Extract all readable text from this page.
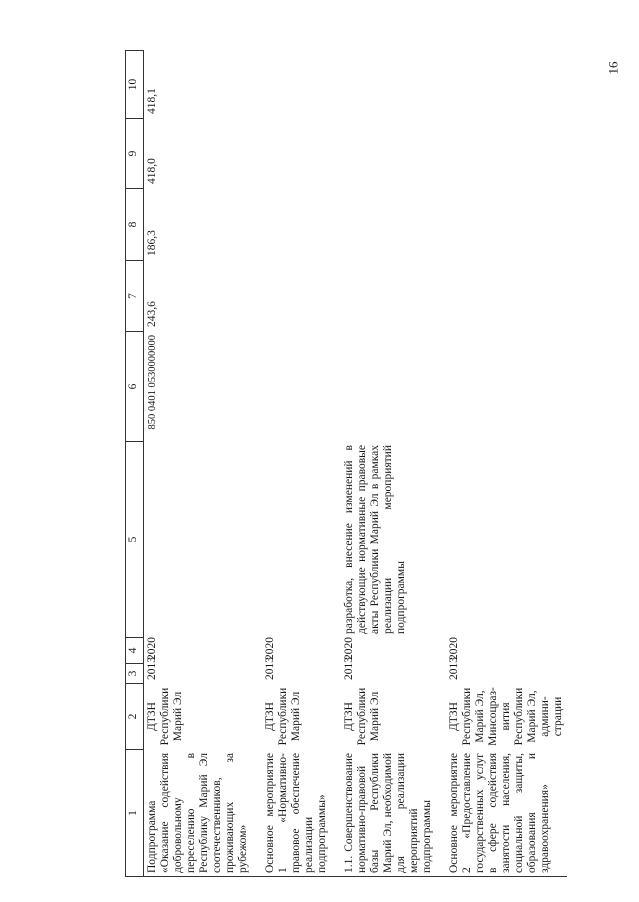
16
1	2	3	4	5	6	7	8	9	10
Подпрограмма «Оказание содействия добровольному переселению в Республику Марий Эл соотечественников, проживающих за рубежом»	ДТЗН Республики Марий Эл	2013	2020		850 0401 0530000000	243,6	186,3	418,0	418,1
Основное мероприятие 1 «Нормативно-правовое обеспечение реализации подпрограммы»	ДТЗН Республики Марий Эл	2013	2020						
1.1. Совершенствование нормативно-правовой базы Республики Марий Эл, необходимой для реализации мероприятий подпрограммы	ДТЗН Республики Марий Эл	2013	2020	разработка, внесение изменений в действующие нормативные правовые акты Республики Марий Эл в рамках реализации мероприятий подпрограммы					
Основное мероприятие 2 «Предоставление государственных услуг в сфере содействия занятости населения, социальной защиты, образования и здравоохранения»	ДТЗН Республики Марий Эл, Минсоцраз-вития Республики Марий Эл, админи-страции	2013	2020						
